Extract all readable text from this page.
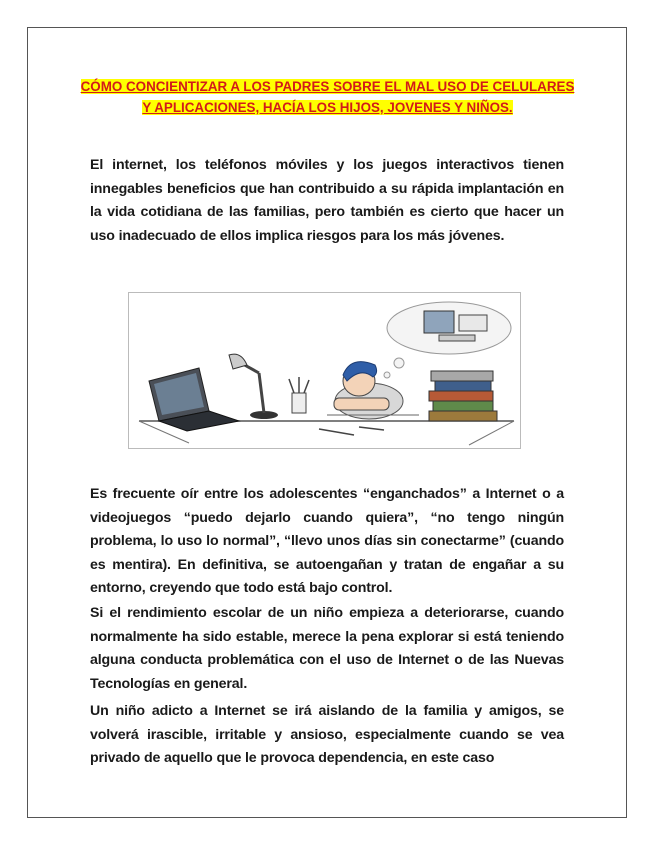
CÓMO CONCIENTIZAR A LOS PADRES SOBRE EL MAL USO DE CELULARES Y APLICACIONES, HACÍA LOS HIJOS, JOVENES Y NIÑOS.
El internet, los teléfonos móviles y los juegos interactivos tienen innegables beneficios que han contribuido a su rápida implantación en la vida cotidiana de las familias, pero también es cierto que hacer un uso inadecuado de ellos implica riesgos para los más jóvenes.
Es frecuente oír entre los adolescentes “enganchados” a Internet o a videojuegos “puedo dejarlo cuando quiera”, “no tengo ningún problema, lo uso lo normal”, “llevo unos días sin conectarme” (cuando es mentira). En definitiva, se autoengañan y tratan de engañar a su entorno, creyendo que todo está bajo control.
Si el rendimiento escolar de un niño empieza a deteriorarse, cuando normalmente ha sido estable, merece la pena explorar si está teniendo alguna conducta problemática con el uso de Internet o de las Nuevas Tecnologías en general.
Un niño adicto a Internet se irá aislando de la familia y amigos, se volverá irascible, irritable y ansioso, especialmente cuando se vea privado de aquello que le provoca dependencia, en este caso
